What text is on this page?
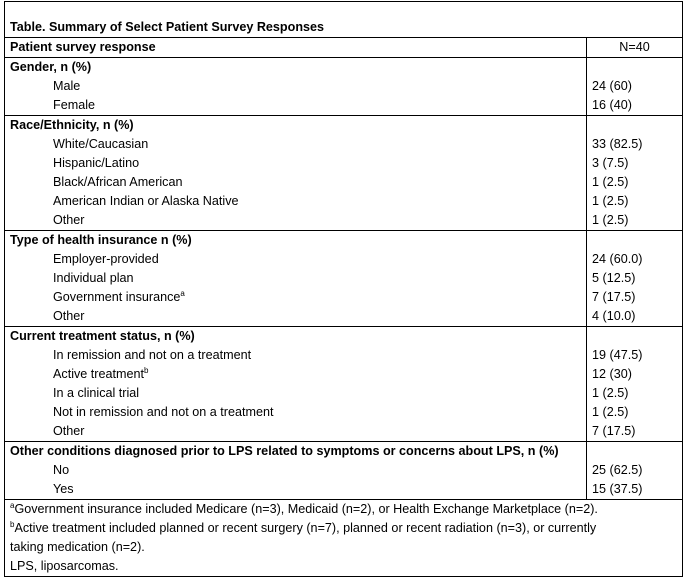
Table. Summary of Select Patient Survey Responses	
Patient survey response	N=40
Gender, n (%)	
Male	24 (60)
Female	16 (40)
Race/Ethnicity, n (%)	
White/Caucasian	33 (82.5)
Hispanic/Latino	3 (7.5)
Black/African American	1 (2.5)
American Indian or Alaska Native	1 (2.5)
Other	1 (2.5)
Type of health insurance n (%)	
Employer-provided	24 (60.0)
Individual plan	5 (12.5)
Government insurance$^a$	7 (17.5)
Other	4 (10.0)
Current treatment status, n (%)	
In remission and not on a treatment	19 (47.5)
Active treatment$^b$	12 (30)
In a clinical trial	1 (2.5)
Not in remission and not on a treatment	1 (2.5)
Other	7 (17.5)
Other conditions diagnosed prior to LPS related to symptoms or concerns about LPS, n (%)	
No	25 (62.5)
Yes	15 (37.5)

$^a$Government insurance included Medicare (n=3), Medicaid (n=2), or Health Exchange Marketplace (n=2).
$^b$Active treatment included planned or recent surgery (n=7), planned or recent radiation (n=3), or currently
taking medication (n=2).
LPS, liposarcomas.	
